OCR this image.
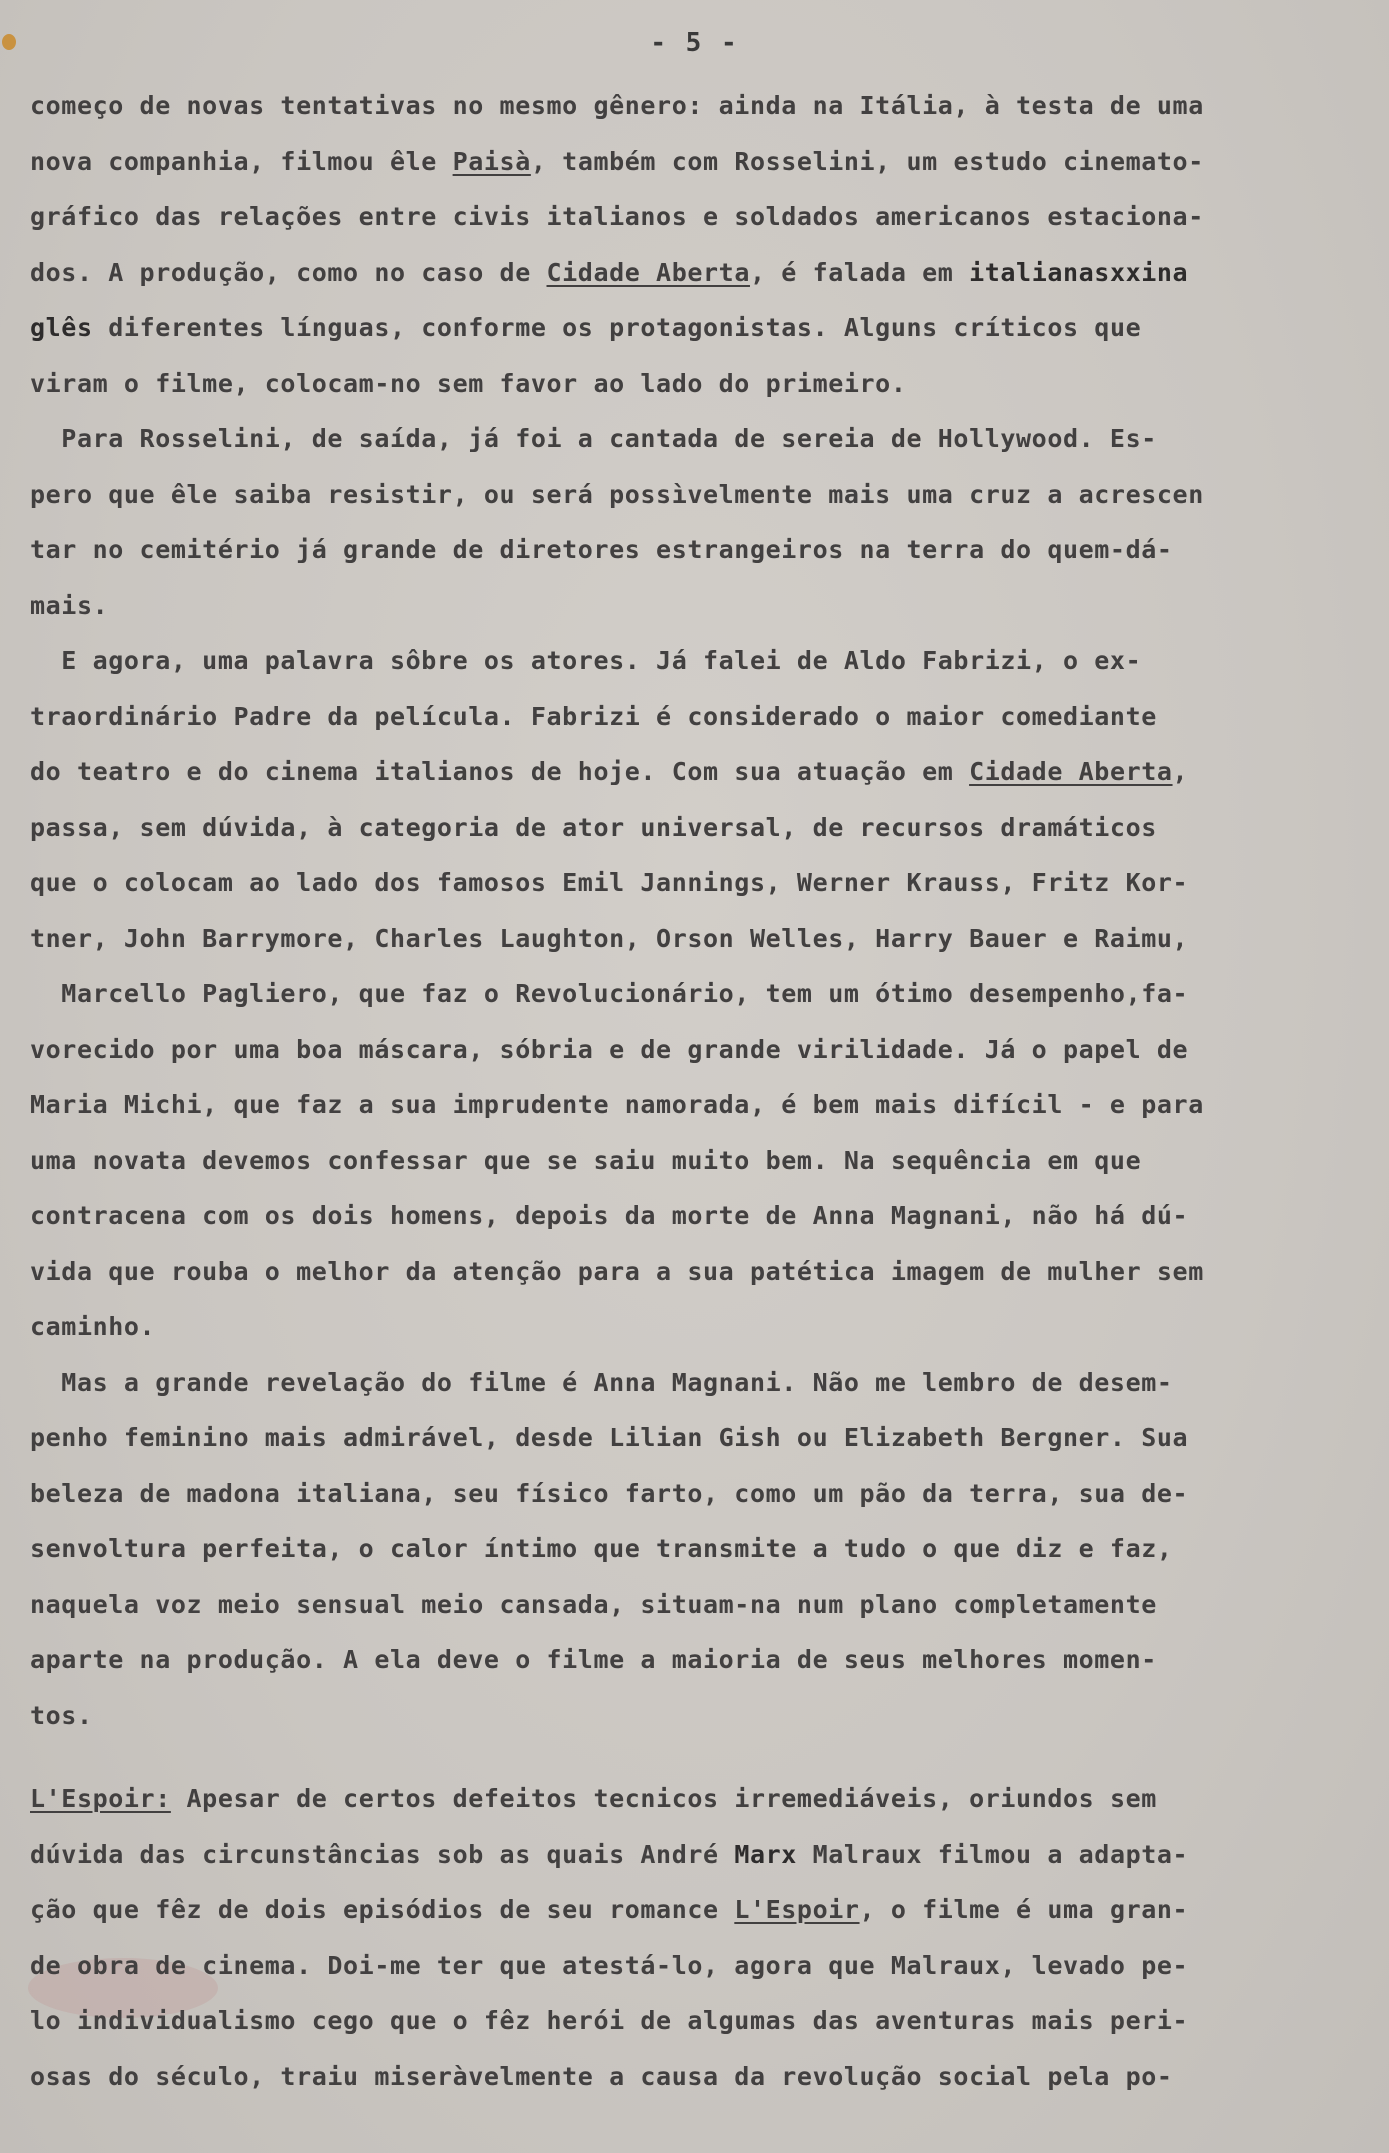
- 5 -
começo de novas tentativas no mesmo gênero: ainda na Itália, à testa de uma
nova companhia, filmou êle Paisà, também com Rosselini, um estudo cinemato-
gráfico das relações entre civis italianos e soldados americanos estaciona-
dos. A produção, como no caso de Cidade Aberta, é falada em italianasxxina
glês diferentes línguas, conforme os protagonistas. Alguns críticos que
viram o filme, colocam-no sem favor ao lado do primeiro.
Para Rosselini, de saída, já foi a cantada de sereia de Hollywood. Es-
pero que êle saiba resistir, ou será possìvelmente mais uma cruz a acrescen
tar no cemitério já grande de diretores estrangeiros na terra do quem-dá-
mais.
E agora, uma palavra sôbre os atores. Já falei de Aldo Fabrizi, o ex-
traordinário Padre da película. Fabrizi é considerado o maior comediante
do teatro e do cinema italianos de hoje. Com sua atuação em Cidade Aberta,
passa, sem dúvida, à categoria de ator universal, de recursos dramáticos
que o colocam ao lado dos famosos Emil Jannings, Werner Krauss, Fritz Kor-
tner, John Barrymore, Charles Laughton, Orson Welles, Harry Bauer e Raimu,
Marcello Pagliero, que faz o Revolucionário, tem um ótimo desempenho,fa-
vorecido por uma boa máscara, sóbria e de grande virilidade. Já o papel de
Maria Michi, que faz a sua imprudente namorada, é bem mais difícil - e para
uma novata devemos confessar que se saiu muito bem. Na sequência em que
contracena com os dois homens, depois da morte de Anna Magnani, não há dú-
vida que rouba o melhor da atenção para a sua patética imagem de mulher sem
caminho.
Mas a grande revelação do filme é Anna Magnani. Não me lembro de desem-
penho feminino mais admirável, desde Lilian Gish ou Elizabeth Bergner. Sua
beleza de madona italiana, seu físico farto, como um pão da terra, sua de-
senvoltura perfeita, o calor íntimo que transmite a tudo o que diz e faz,
naquela voz meio sensual meio cansada, situam-na num plano completamente
aparte na produção. A ela deve o filme a maioria de seus melhores momen-
tos.
L'Espoir: Apesar de certos defeitos tecnicos irremediáveis, oriundos sem
dúvida das circunstâncias sob as quais André Marx Malraux filmou a adapta-
ção que fêz de dois episódios de seu romance L'Espoir, o filme é uma gran-
de obra de cinema. Doi-me ter que atestá-lo, agora que Malraux, levado pe-
lo individualismo cego que o fêz herói de algumas das aventuras mais peri-
osas do século, traiu miseràvelmente a causa da revolução social pela po-
